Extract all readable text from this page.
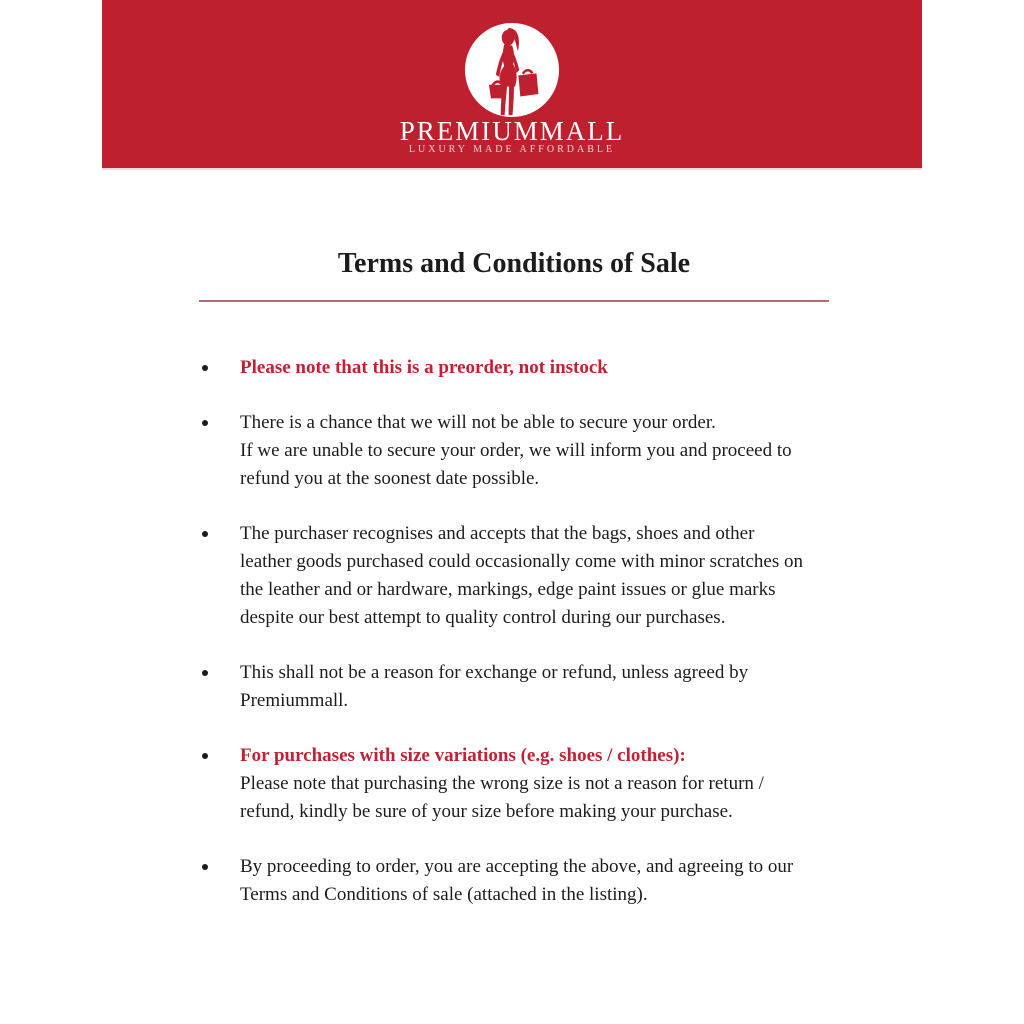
PREMIUMMALL
LUXURY MADE AFFORDABLE
Terms and Conditions of Sale
Please note that this is a preorder, not instock
There is a chance that we will not be able to secure your order.
If we are unable to secure your order, we will inform you and proceed to
refund you at the soonest date possible.
The purchaser recognises and accepts that the bags, shoes and other
leather goods purchased could occasionally come with minor scratches on
the leather and or hardware, markings, edge paint issues or glue marks
despite our best attempt to quality control during our purchases.
This shall not be a reason for exchange or refund, unless agreed by
Premiummall.
For purchases with size variations (e.g. shoes / clothes):
Please note that purchasing the wrong size is not a reason for return /
refund, kindly be sure of your size before making your purchase.
By proceeding to order, you are accepting the above, and agreeing to our
Terms and Conditions of sale (attached in the listing).
